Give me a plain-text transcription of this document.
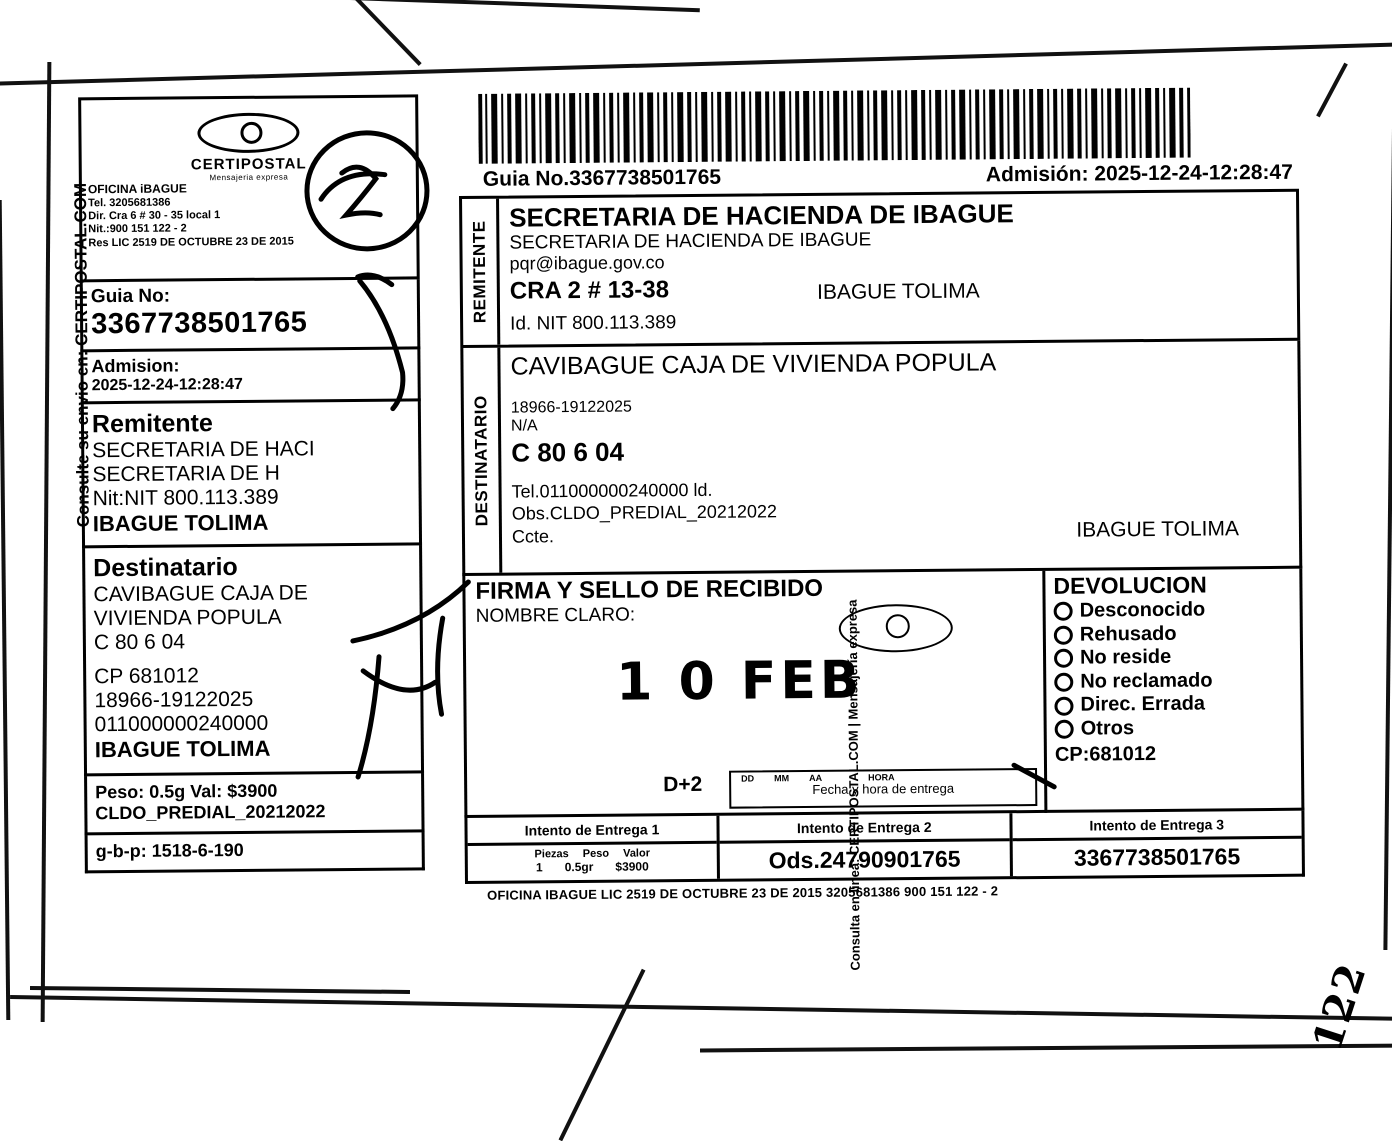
CERTIPOSTAL
Mensajeria expresa
OFICINA iBAGUE
Tel. 3205681386
Dir. Cra 6 # 30 - 35 local 1
Nit.:900 151 122 - 2
Res LIC 2519 DE OCTUBRE 23 DE 2015
Guia No:
3367738501765
Admision:
2025-12-24-12:28:47
Remitente
SECRETARIA DE HACI
SECRETARIA DE H
Nit:NIT 800.113.389
IBAGUE TOLIMA
Destinatario
CAVIBAGUE CAJA DE
VIVIENDA POPULA
C 80 6 04
CP 681012
18966-19122025
011000000240000
IBAGUE TOLIMA
Peso: 0.5g Val: $3900
CLDO_PREDIAL_20212022
g-b-p: 1518-6-190
Consulte su envio en: CERTIPOSTAL.COM
Guia No.3367738501765	Admisión: 2025-12-24-12:28:47
REMITENTE
SECRETARIA DE HACIENDA DE IBAGUE
SECRETARIA DE HACIENDA DE IBAGUE
pqr@ibague.gov.co
CRA 2 # 13-38	IBAGUE TOLIMA
Id. NIT 800.113.389
DESTINATARIO
CAVIBAGUE CAJA DE VIVIENDA POPULA
18966-19122025
N/A
C 80 6 04
Tel.011000000240000 ld.
Obs.CLDO_PREDIAL_20212022
Ccte.	IBAGUE TOLIMA
FIRMA Y SELLO DE RECIBIDO
NOMBRE CLARO:
1 0 FEB
D+2	DD MM AA	HORA
Fecha y hora de entrega
DEVOLUCION
Desconocido
Rehusado
No reside
No reclamado
Direc. Errada
Otros
CP:681012
Intento de Entrega 1
Piezas Peso Valor
1 0.5gr $3900
Intento de Entrega 2
Ods.24790901765
Intento de Entrega 3
3367738501765
OFICINA IBAGUE LIC 2519 DE OCTUBRE 23 DE 2015 3205681386 900 151 122 - 2
Consulta en linea: CERTIPOSTAL.COM | Mensajería expresa
122
